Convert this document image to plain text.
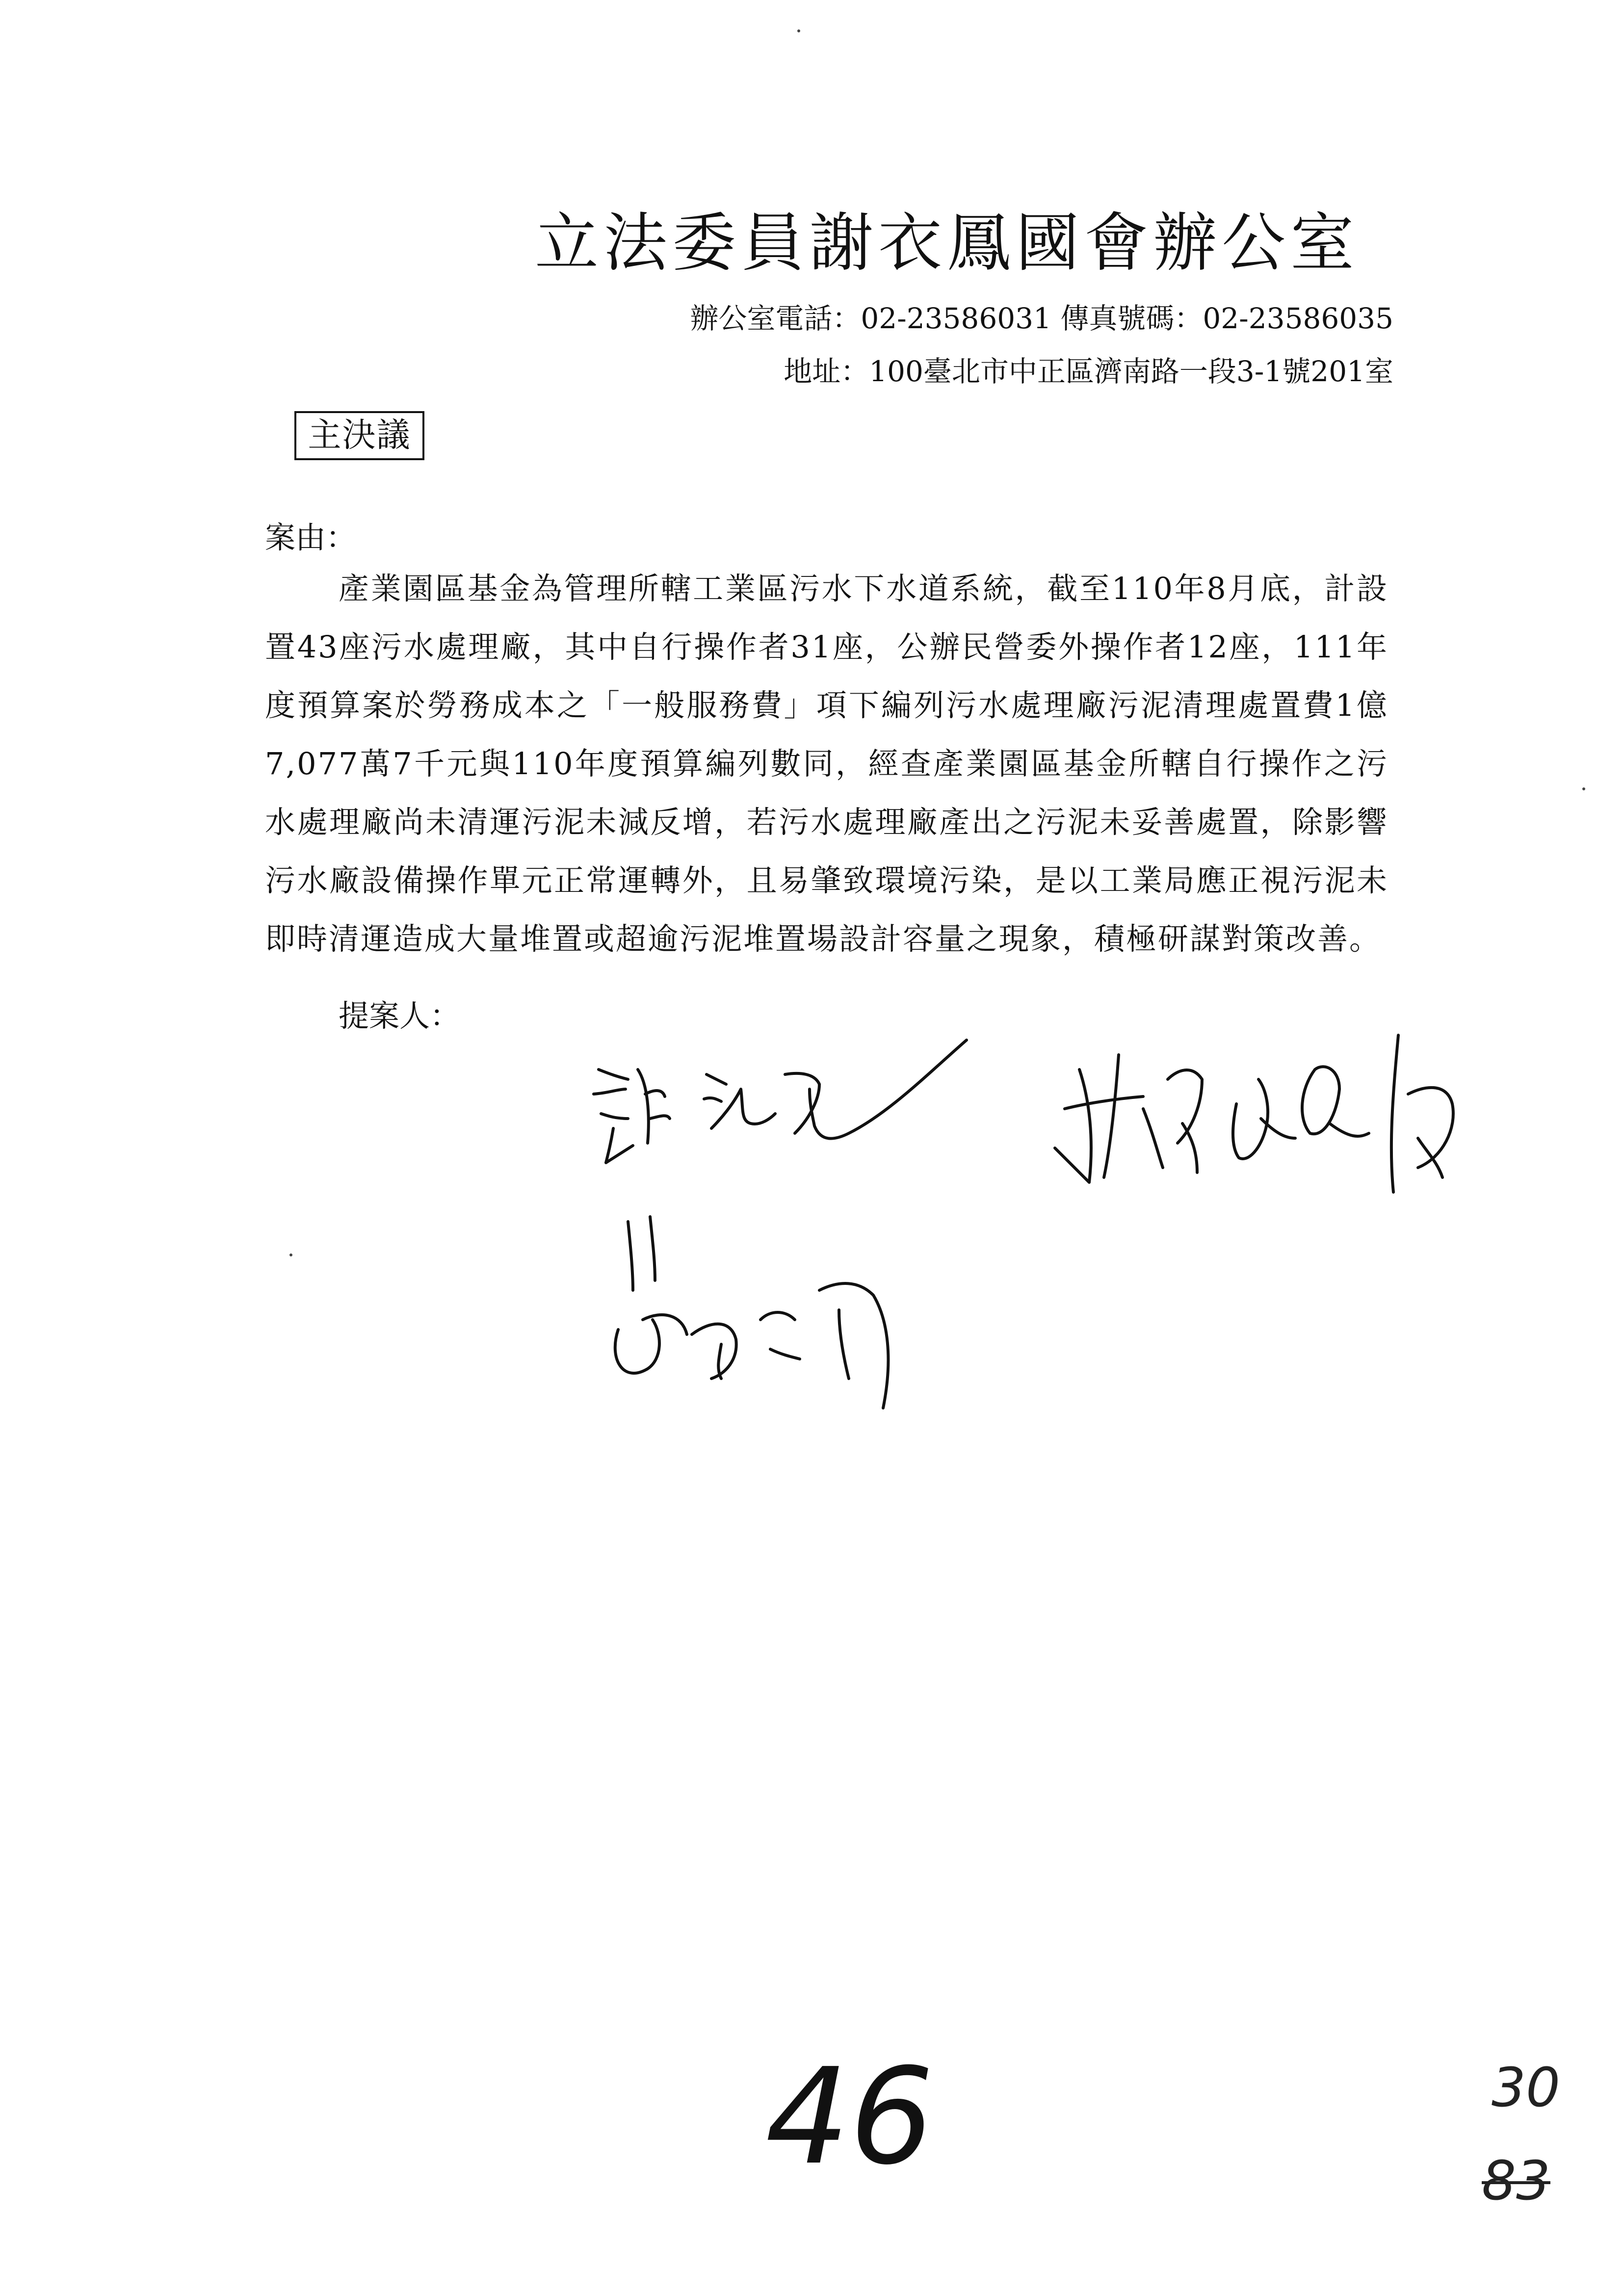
立法委員謝衣鳳國會辦公室
辦公室電話：02-23586031 傳真號碼：02-23586035
地址：100臺北市中正區濟南路一段3-1號201室
主決議
案由：

產業園區基金為管理所轄工業區污水下水道系統，截至110年8月底，計設置43座污水處理廠，其中自行操作者31座，公辦民營委外操作者12座，111年度預算案於勞務成本之「一般服務費」項下編列污水處理廠污泥清理處置費1億7,077萬7千元與110年度預算編列數同，經查產業園區基金所轄自行操作之污水處理廠尚未清運污泥未減反增，若污水處理廠產出之污泥未妥善處置，除影響污水廠設備操作單元正常運轉外，且易肇致環境污染，是以工業局應正視污泥未即時清運造成大量堆置或超逾污泥堆置場設計容量之現象，積極研謀對策改善。

提案人：
46	30
83
